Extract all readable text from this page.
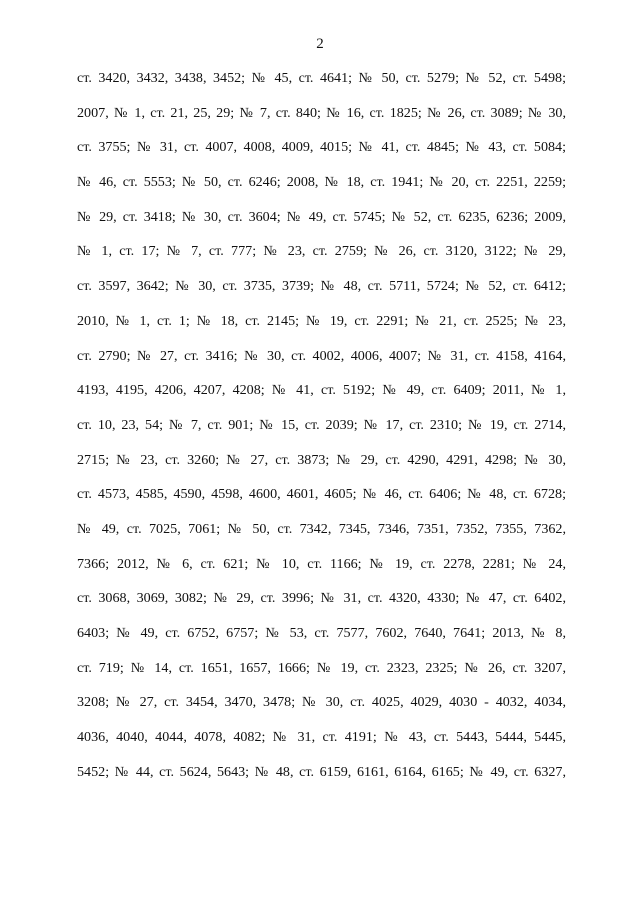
2
ст. 3420, 3432, 3438, 3452; № 45, ст. 4641; № 50, ст. 5279; № 52, ст. 5498;
2007, № 1, ст. 21, 25, 29; № 7, ст. 840; № 16, ст. 1825; № 26, ст. 3089; № 30,
ст. 3755; № 31, ст. 4007, 4008, 4009, 4015; № 41, ст. 4845; № 43, ст. 5084;
№ 46, ст. 5553; № 50, ст. 6246; 2008, № 18, ст. 1941; № 20, ст. 2251, 2259;
№ 29, ст. 3418; № 30, ст. 3604; № 49, ст. 5745; № 52, ст. 6235, 6236; 2009,
№ 1, ст. 17; № 7, ст. 777; № 23, ст. 2759; № 26, ст. 3120, 3122; № 29,
ст. 3597, 3642; № 30, ст. 3735, 3739; № 48, ст. 5711, 5724; № 52, ст. 6412;
2010, № 1, ст. 1; № 18, ст. 2145; № 19, ст. 2291; № 21, ст. 2525; № 23,
ст. 2790; № 27, ст. 3416; № 30, ст. 4002, 4006, 4007; № 31, ст. 4158, 4164,
4193, 4195, 4206, 4207, 4208; № 41, ст. 5192; № 49, ст. 6409; 2011, № 1,
ст. 10, 23, 54; № 7, ст. 901; № 15, ст. 2039; № 17, ст. 2310; № 19, ст. 2714,
2715; № 23, ст. 3260; № 27, ст. 3873; № 29, ст. 4290, 4291, 4298; № 30,
ст. 4573, 4585, 4590, 4598, 4600, 4601, 4605; № 46, ст. 6406; № 48, ст. 6728;
№ 49, ст. 7025, 7061; № 50, ст. 7342, 7345, 7346, 7351, 7352, 7355, 7362,
7366; 2012, № 6, ст. 621; № 10, ст. 1166; № 19, ст. 2278, 2281; № 24,
ст. 3068, 3069, 3082; № 29, ст. 3996; № 31, ст. 4320, 4330; № 47, ст. 6402,
6403; № 49, ст. 6752, 6757; № 53, ст. 7577, 7602, 7640, 7641; 2013, № 8,
ст. 719; № 14, ст. 1651, 1657, 1666; № 19, ст. 2323, 2325; № 26, ст. 3207,
3208; № 27, ст. 3454, 3470, 3478; № 30, ст. 4025, 4029, 4030 - 4032, 4034,
4036, 4040, 4044, 4078, 4082; № 31, ст. 4191; № 43, ст. 5443, 5444, 5445,
5452; № 44, ст. 5624, 5643; № 48, ст. 6159, 6161, 6164, 6165; № 49, ст. 6327,
